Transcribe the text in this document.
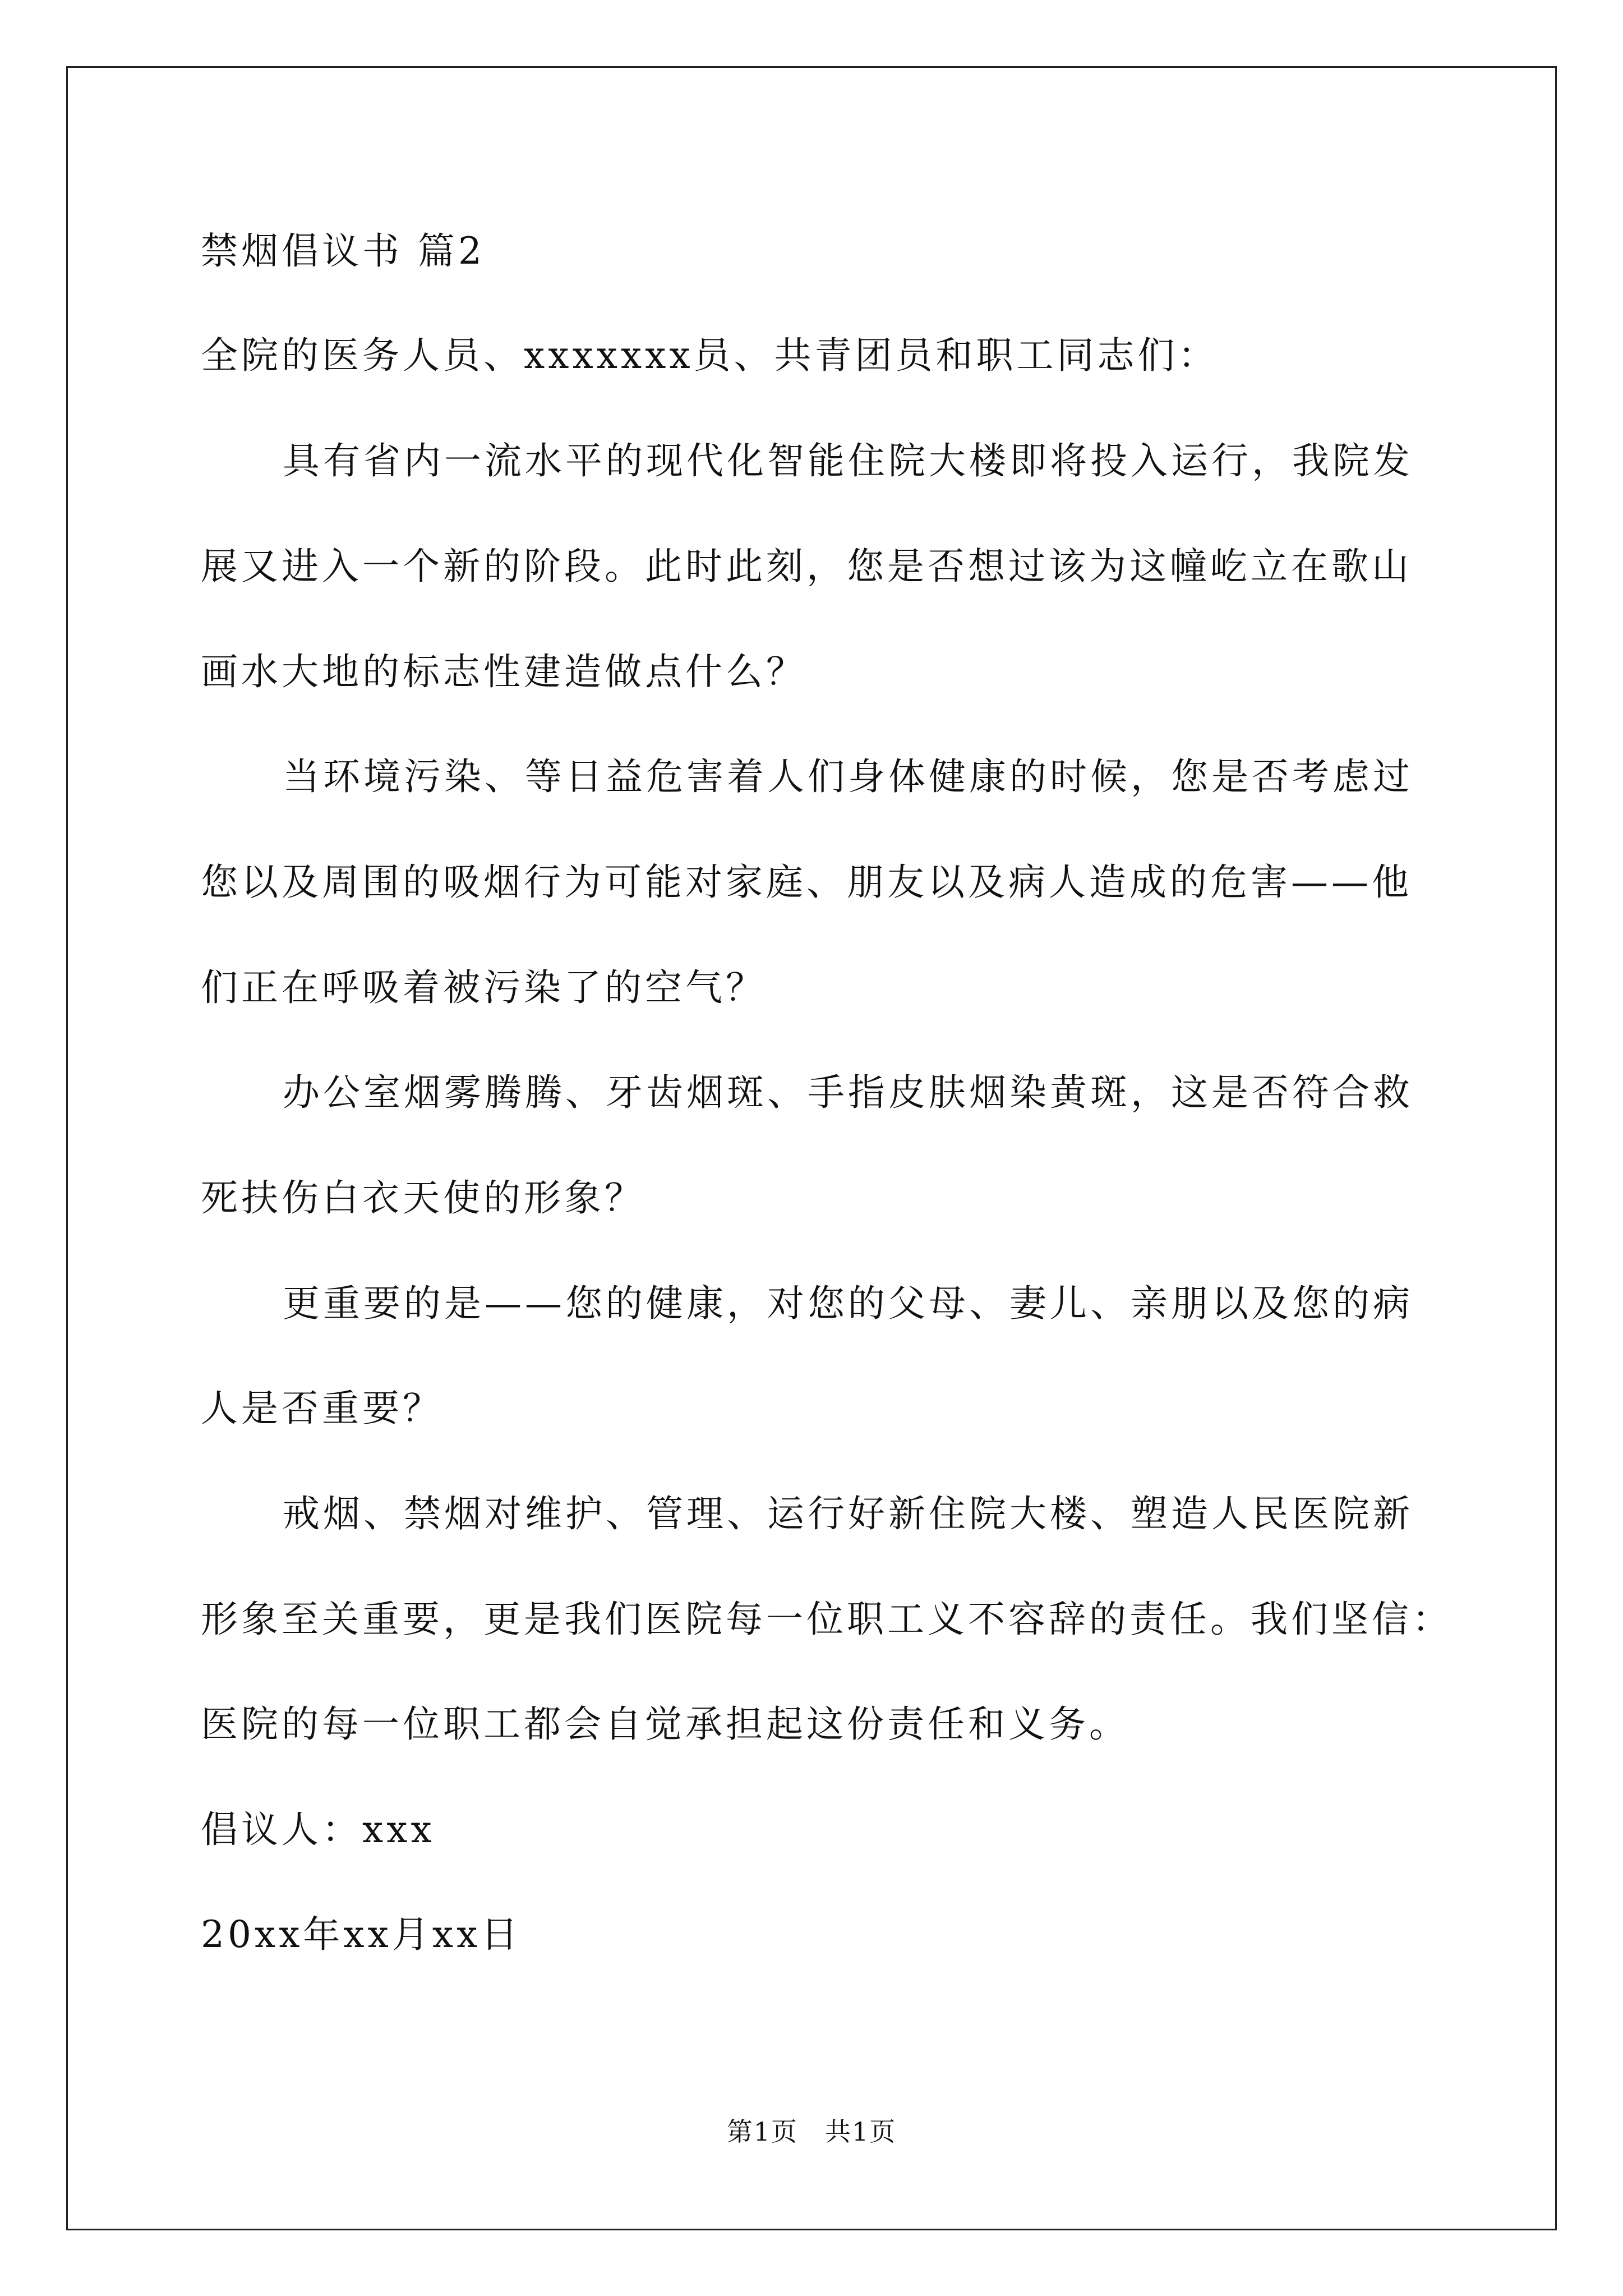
禁烟倡议书 篇2
全院的医务人员、xxxxxxx员、共青团员和职工同志们：
具有省内一流水平的现代化智能住院大楼即将投入运行，我院发
展又进入一个新的阶段。此时此刻，您是否想过该为这幢屹立在歌山
画水大地的标志性建造做点什么？
当环境污染、等日益危害着人们身体健康的时候，您是否考虑过
您以及周围的吸烟行为可能对家庭、朋友以及病人造成的危害——他
们正在呼吸着被污染了的空气？
办公室烟雾腾腾、牙齿烟斑、手指皮肤烟染黄斑，这是否符合救
死扶伤白衣天使的形象？
更重要的是——您的健康，对您的父母、妻儿、亲朋以及您的病
人是否重要？
戒烟、禁烟对维护、管理、运行好新住院大楼、塑造人民医院新
形象至关重要，更是我们医院每一位职工义不容辞的责任。我们坚信：
医院的每一位职工都会自觉承担起这份责任和义务。
倡议人：xxx
20xx年xx月xx日
第1页 共1页
